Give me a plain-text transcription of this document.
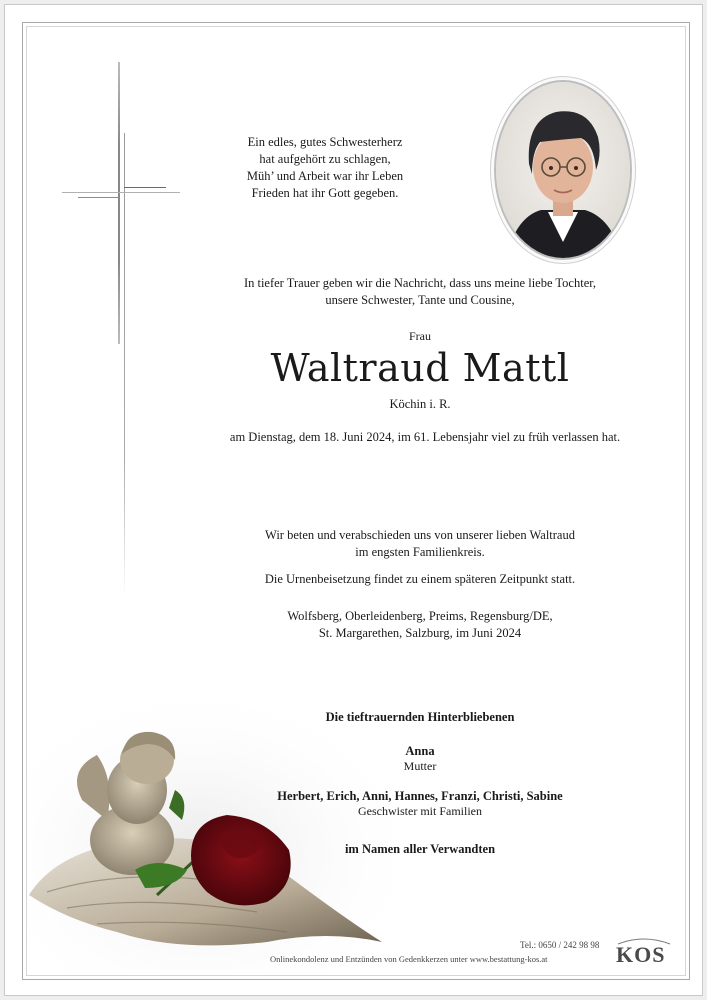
Ein edles, gutes Schwesterherz
hat aufgehört zu schlagen,
Müh’ und Arbeit war ihr Leben
Frieden hat ihr Gott gegeben.
In tiefer Trauer geben wir die Nachricht, dass uns meine liebe Tochter,
unsere Schwester, Tante und Cousine,
Frau
Waltraud Mattl
Köchin i. R.
am Dienstag, dem 18. Juni 2024, im 61. Lebensjahr viel zu früh verlassen hat.
Wir beten und verabschieden uns von unserer lieben Waltraud
im engsten Familienkreis.
Die Urnenbeisetzung findet zu einem späteren Zeitpunkt statt.
Wolfsberg, Oberleidenberg, Preims, Regensburg/DE,
St. Margarethen, Salzburg, im Juni 2024
Die tieftrauernden Hinterbliebenen
Anna
Mutter
Herbert, Erich, Anni, Hannes, Franzi, Christi, Sabine
Geschwister mit Familien
im Namen aller Verwandten
Tel.: 0650 / 242 98 98
Onlinekondolenz und Entzünden von Gedenkkerzen unter www.bestattung-kos.at	KOS
